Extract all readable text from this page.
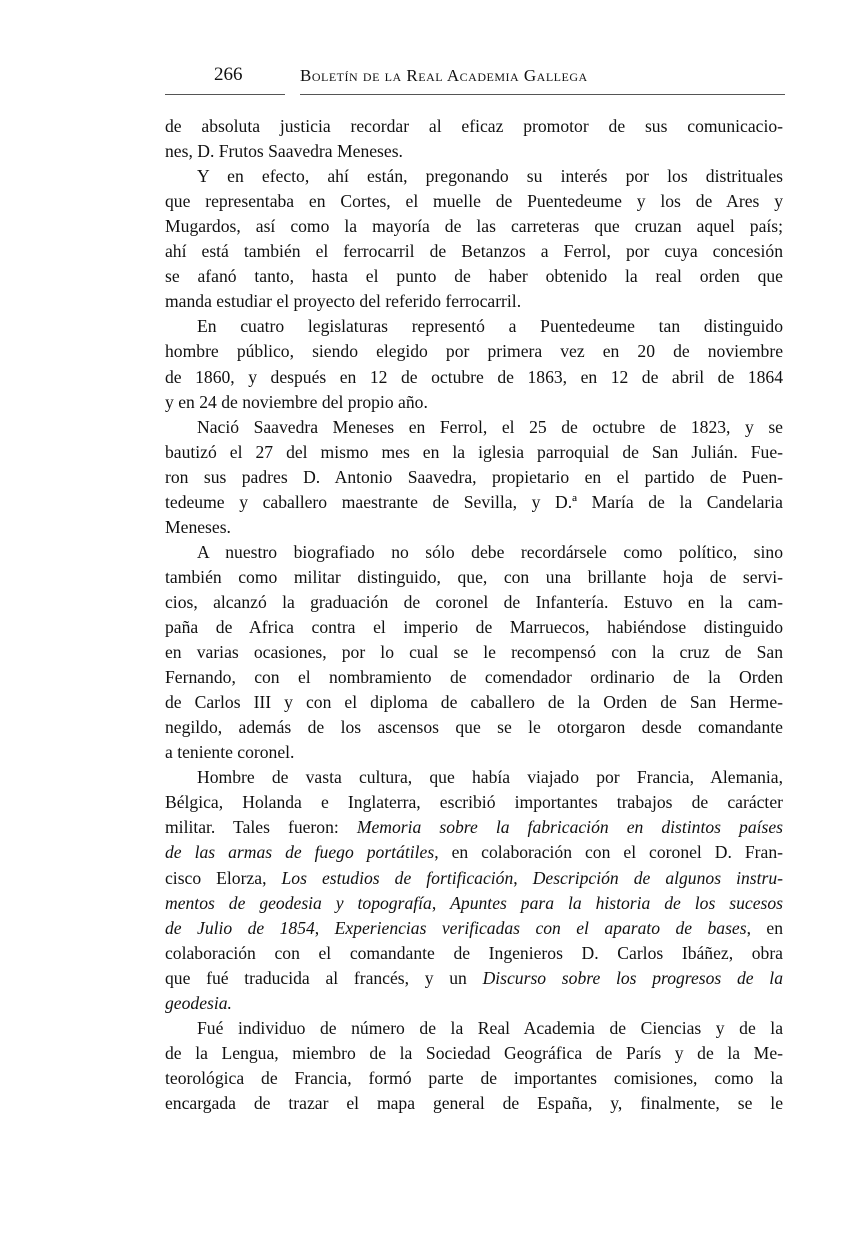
266	Boletín de la Real Academia Gallega
de absoluta justicia recordar al eficaz promotor de sus comunicacio-
nes, D. Frutos Saavedra Meneses.
Y en efecto, ahí están, pregonando su interés por los distrituales
que representaba en Cortes, el muelle de Puentedeume y los de Ares y
Mugardos, así como la mayoría de las carreteras que cruzan aquel país;
ahí está también el ferrocarril de Betanzos a Ferrol, por cuya concesión
se afanó tanto, hasta el punto de haber obtenido la real orden que
manda estudiar el proyecto del referido ferrocarril.
En cuatro legislaturas representó a Puentedeume tan distinguido
hombre público, siendo elegido por primera vez en 20 de noviembre
de 1860, y después en 12 de octubre de 1863, en 12 de abril de 1864
y en 24 de noviembre del propio año.
Nació Saavedra Meneses en Ferrol, el 25 de octubre de 1823, y se
bautizó el 27 del mismo mes en la iglesia parroquial de San Julián. Fue-
ron sus padres D. Antonio Saavedra, propietario en el partido de Puen-
tedeume y caballero maestrante de Sevilla, y D.ª María de la Candelaria
Meneses.
A nuestro biografiado no sólo debe recordársele como político, sino
también como militar distinguido, que, con una brillante hoja de servi-
cios, alcanzó la graduación de coronel de Infantería. Estuvo en la cam-
paña de Africa contra el imperio de Marruecos, habiéndose distinguido
en varias ocasiones, por lo cual se le recompensó con la cruz de San
Fernando, con el nombramiento de comendador ordinario de la Orden
de Carlos III y con el diploma de caballero de la Orden de San Herme-
negildo, además de los ascensos que se le otorgaron desde comandante
a teniente coronel.
Hombre de vasta cultura, que había viajado por Francia, Alemania,
Bélgica, Holanda e Inglaterra, escribió importantes trabajos de carácter
militar. Tales fueron: Memoria sobre la fabricación en distintos países
de las armas de fuego portátiles, en colaboración con el coronel D. Fran-
cisco Elorza, Los estudios de fortificación, Descripción de algunos instru-
mentos de geodesia y topografía, Apuntes para la historia de los sucesos
de Julio de 1854, Experiencias verificadas con el aparato de bases, en
colaboración con el comandante de Ingenieros D. Carlos Ibáñez, obra
que fué traducida al francés, y un Discurso sobre los progresos de la
geodesia.
Fué individuo de número de la Real Academia de Ciencias y de la
de la Lengua, miembro de la Sociedad Geográfica de París y de la Me-
teorológica de Francia, formó parte de importantes comisiones, como la
encargada de trazar el mapa general de España, y, finalmente, se le
